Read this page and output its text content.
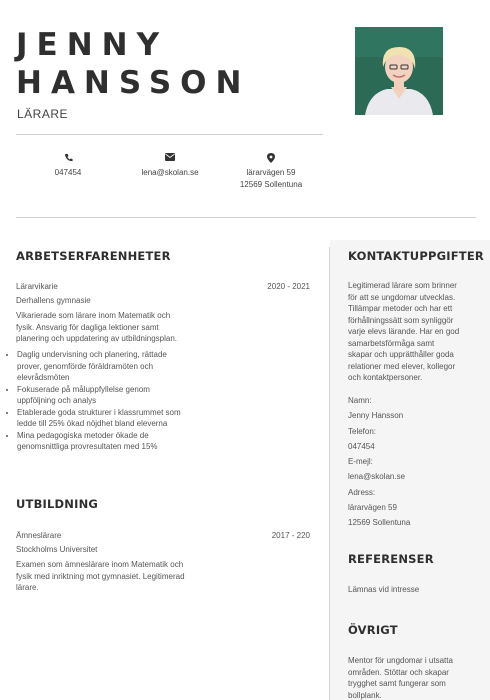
JENNY
HANSSON
LÄRARE
047454	lena@skolan.se	lärarvägen 59
12569 Sollentuna
ARBETSERFARENHETER
Lärarvikarie	2020 - 2021
Derhallens gymnasie
Vikarierade som lärare inom Matematik och
fysik. Ansvarig för dagliga lektioner samt
planering och uppdatering av utbildningsplan.
• Daglig undervisning och planering, rättade
prover, genomförde föräldramöten och
elevrådsmöten
• Fokuserade på måluppfyllelse genom
uppföljning och analys
• Etablerade goda strukturer i klassrummet som
ledde till 25% ökad nöjdhet bland eleverna
• Mina pedagogiska metoder ökade de
genomsnittliga provresultaten med 15%
UTBILDNING
Ämneslärare	2017 - 220
Stockholms Universitet
Examen som ämneslärare inom Matematik och
fysik med inriktning mot gymnasiet. Legitimerad
lärare.
KONTAKTUPPGIFTER
Legitimerad lärare som brinner
för att se ungdomar utvecklas.
Tillämpar metoder och har ett
förhållningssätt som synliggör
varje elevs lärande. Har en god
samarbetsförmåga samt
skapar och upprätthåller goda
relationer med elever, kollegor
och kontaktpersoner.
Namn:
Jenny Hansson
Telefon:
047454
E-mejl:
lena@skolan.se
Adress:
lärarvägen 59
12569 Sollentuna
REFERENSER
Lämnas vid intresse
ÖVRIGT
Mentor för ungdomar i utsatta
områden. Stöttar och skapar
trygghet samt fungerar som
bollplank.
